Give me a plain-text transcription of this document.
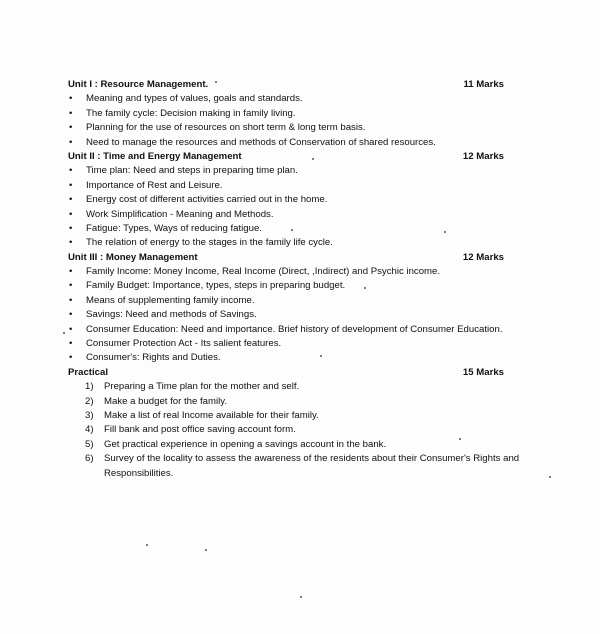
Unit I : Resource Management.	11 Marks
• Meaning and types of values, goals and standards.
• The family cycle: Decision making in family living.
• Planning for the use of resources on short term & long term basis.
• Need to manage the resources and methods of Conservation of shared resources.
Unit II : Time and Energy Management	12 Marks
• Time plan: Need and steps in preparing time plan.
• Importance of Rest and Leisure.
• Energy cost of different activities carried out in the home.
• Work Simplification - Meaning and Methods.
• Fatigue: Types, Ways of reducing fatigue.
• The relation of energy to the stages in the family life cycle.
Unit III : Money Management	12 Marks
• Family Income: Money Income, Real Income (Direct, ,Indirect) and Psychic income.
• Family Budget: Importance, types, steps in preparing budget.
• Means of supplementing family income.
• Savings: Need and methods of Savings.
• Consumer Education: Need and importance. Brief history of development of Consumer Education.
• Consumer Protection Act - Its salient features.
• Consumer's: Rights and Duties.
Practical	15 Marks
1) Preparing a Time plan for the mother and self.
2) Make a budget for the family.
3) Make a list of real Income available for their family.
4) Fill bank and post office saving account form.
5) Get practical experience in opening a savings account in the bank.
6) Survey of the locality to assess the awareness of the residents about their Consumer's Rights and Responsibilities.
